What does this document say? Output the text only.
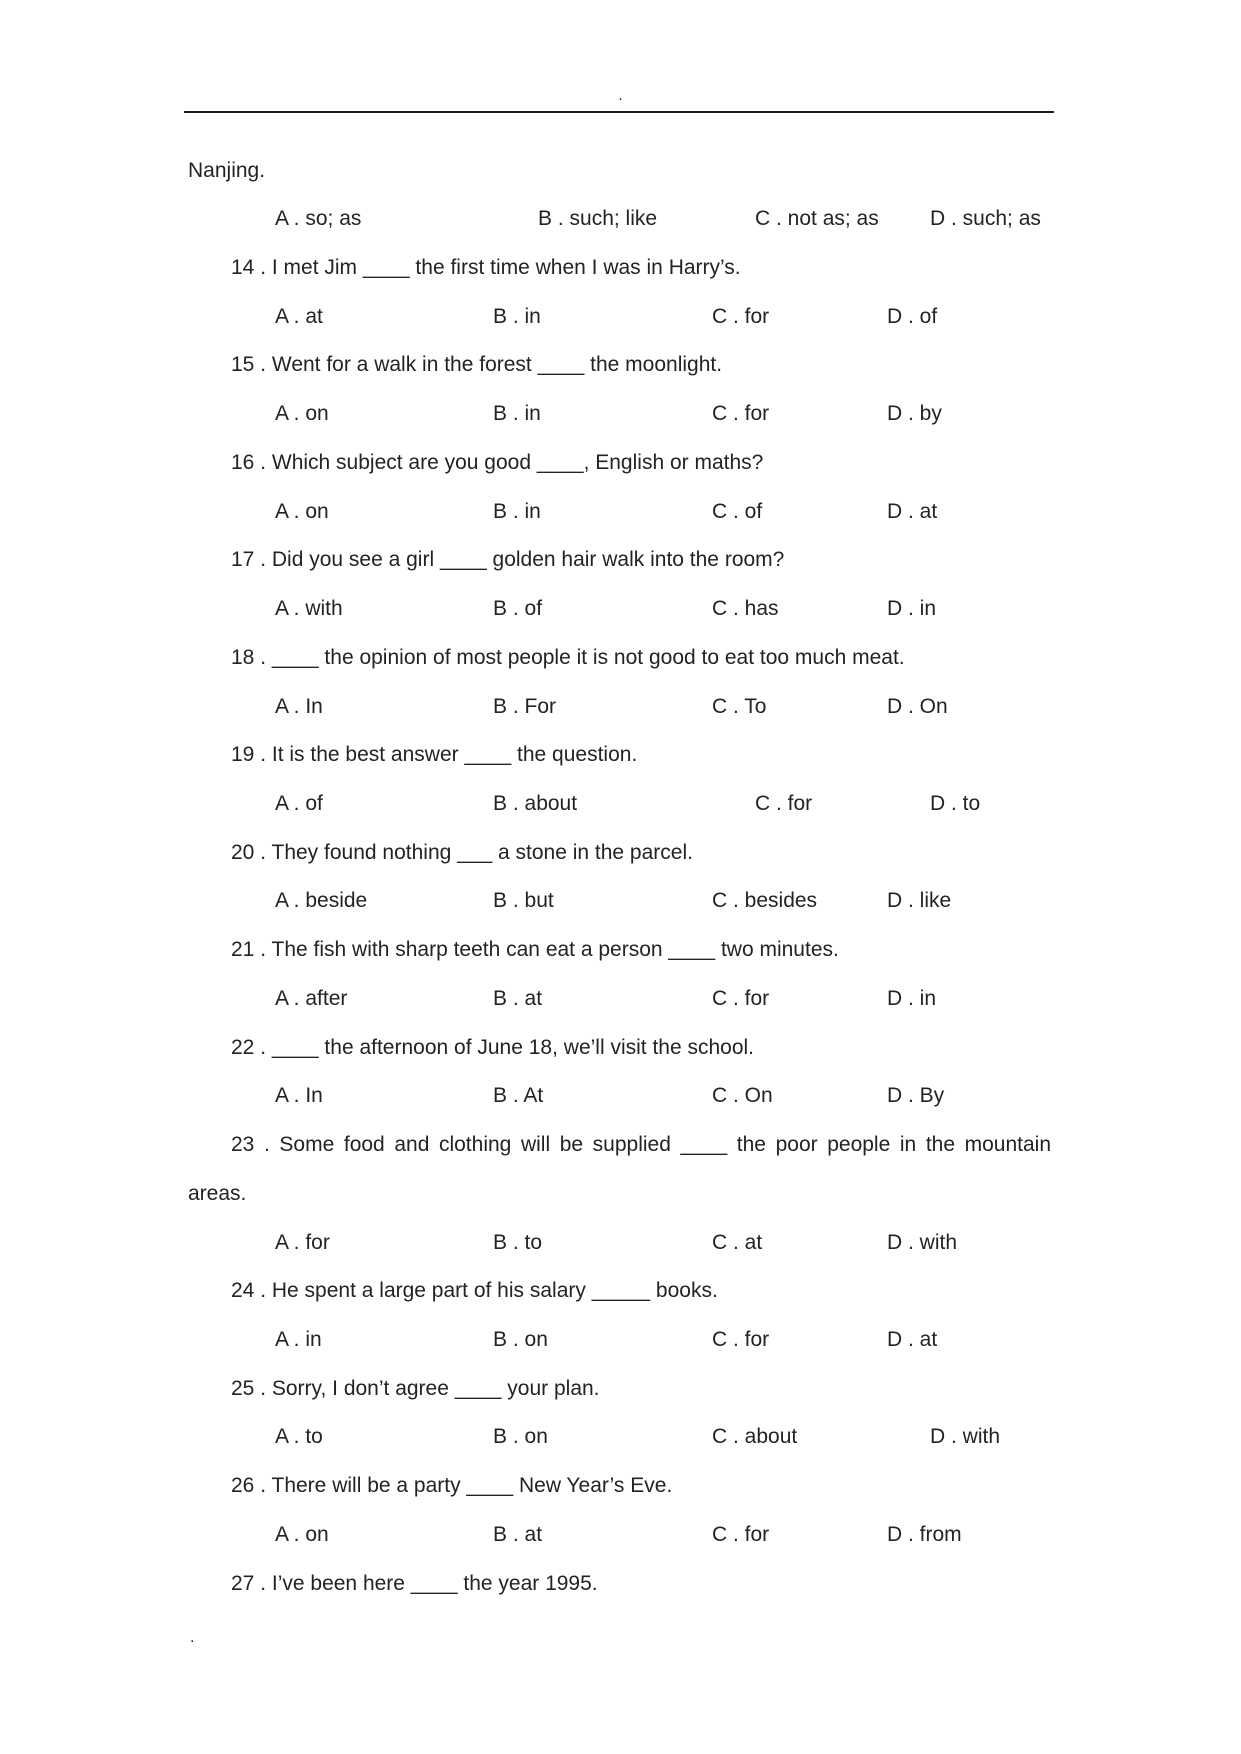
.

Nanjing.

A . so; as	B . such; like	C . not as; as D . such; as
14 . I met Jim ____ the first time when I was in Harry’s.
A . at	B . in	C . for	D . of
15 . Went for a walk in the forest ____ the moonlight.
A . on	B . in	C . for	D . by
16 . Which subject are you good ____, English or maths?
A . on	B . in	C . of	D . at
17 . Did you see a girl ____ golden hair walk into the room?
A . with	B . of	C . has	D . in
18 . ____ the opinion of most people it is not good to eat too much meat.
A . In	B . For	C . To	D . On
19 . It is the best answer ____ the question.
A . of	B . about	C . for	D . to
20 . They found nothing ___ a stone in the parcel.
A . beside	B . but	C . besides	D . like
21 . The fish with sharp teeth can eat a person ____ two minutes.
A . after	B . at	C . for	D . in
22 . ____ the afternoon of June 18, we’ll visit the school.
A . In	B . At	C . On	D . By
23 . Some food and clothing will be supplied ____ the poor people in the mountain areas.
A . for	B . to	C . at	D . with
24 . He spent a large part of his salary _____ books.
A . in	B . on	C . for	D . at
25 . Sorry, I don’t agree ____ your plan.
A . to	B . on	C . about	D . with
26 . There will be a party ____ New Year’s Eve.
A . on	B . at	C . for	D . from
27 . I’ve been here ____ the year 1995.
.
